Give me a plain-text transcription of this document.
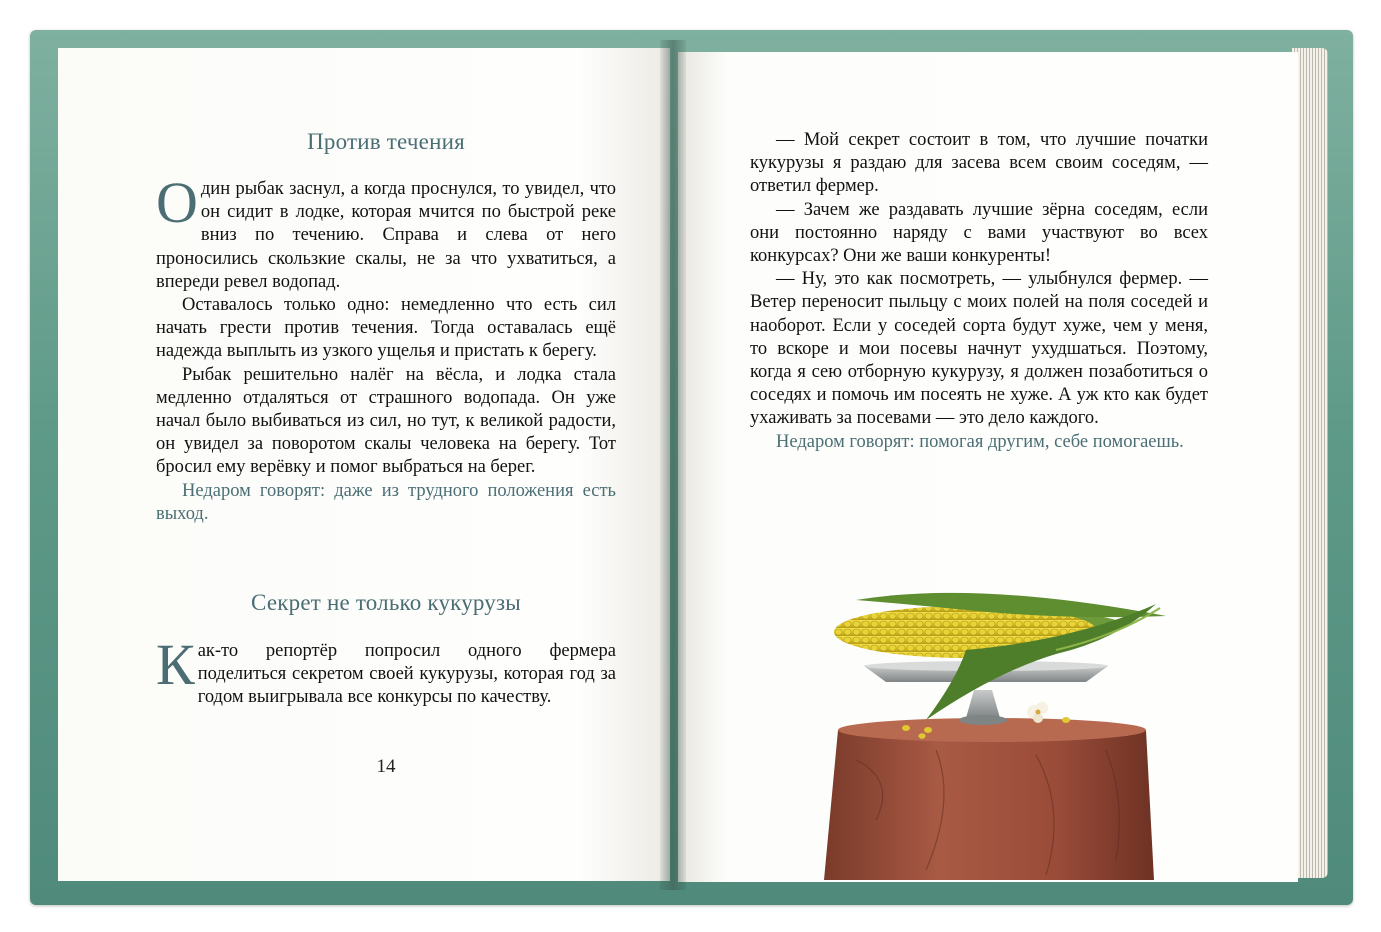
Против течения

Один рыбак заснул, а когда проснулся, то увидел, что он сидит в лодке, которая мчится по быстрой реке вниз по течению. Справа и слева от него проносились скользкие скалы, не за что ухватиться, а впереди ревел водопад.

Оставалось только одно: немедленно что есть сил начать грести против течения. Тогда оставалась ещё надежда выплыть из узкого ущелья и пристать к берегу.

Рыбак решительно налёг на вёсла, и лодка стала медленно отдаляться от страшного водопада. Он уже начал было выбиваться из сил, но тут, к великой радости, он увидел за поворотом скалы человека на берегу. Тот бросил ему верёвку и помог выбраться на берег.

Недаром говорят: даже из трудного положения есть выход.

Секрет не только кукурузы

Как-то репортёр попросил одного фермера поделиться секретом своей кукурузы, которая год за годом выигрывала все конкурсы по качеству.

14

— Мой секрет состоит в том, что лучшие початки кукурузы я раздаю для засева всем своим соседям, — ответил фермер.

— Зачем же раздавать лучшие зёрна соседям, если они постоянно наряду с вами участвуют во всех конкурсах? Они же ваши конкуренты!

— Ну, это как посмотреть, — улыбнулся фермер. — Ветер переносит пыльцу с моих полей на поля соседей и наоборот. Если у соседей сорта будут хуже, чем у меня, то вскоре и мои посевы начнут ухудшаться. Поэтому, когда я сею отборную кукурузу, я должен позаботиться о соседях и помочь им посеять не хуже. А уж кто как будет ухаживать за посевами — это дело каждого.

Недаром говорят: помогая другим, себе помогаешь.
